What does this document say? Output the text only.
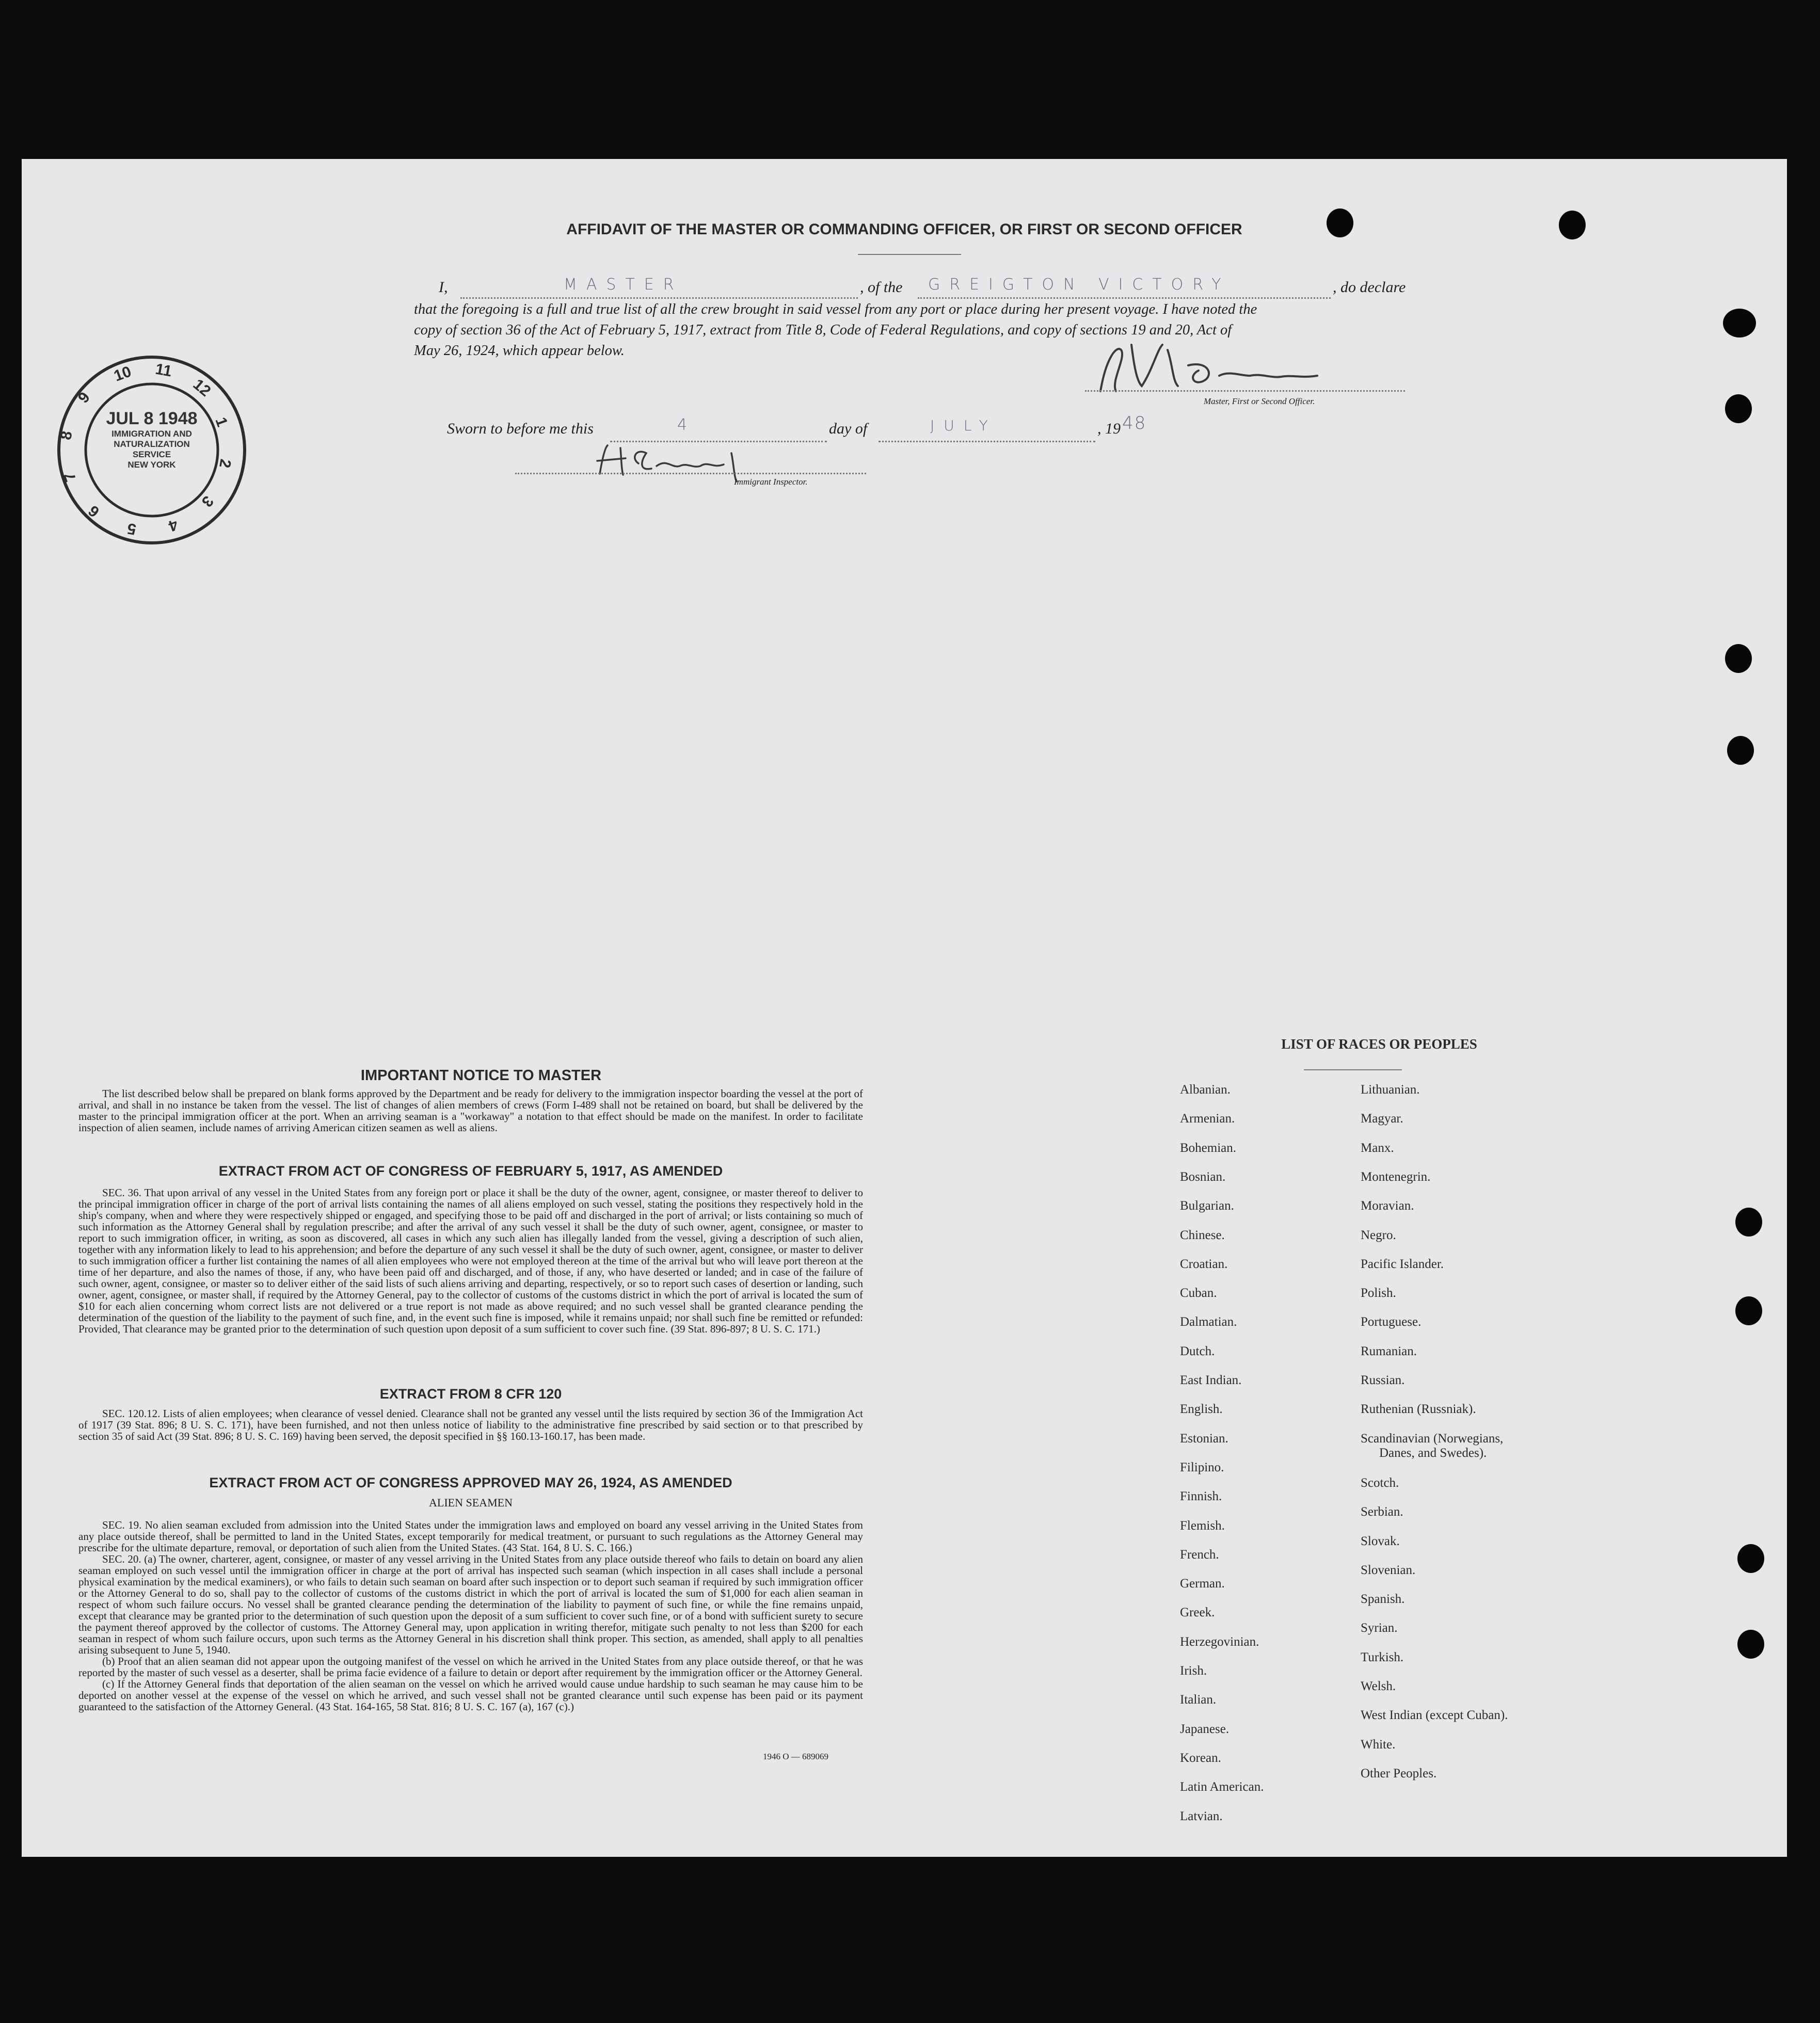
AFFIDAVIT OF THE MASTER OR COMMANDING OFFICER, OR FIRST OR SECOND OFFICER
I,	MASTER	, of the GREIGTON VICTORY	, do declare
that the foregoing is a full and true list of all the crew brought in said vessel from any port or place during her present voyage. I have noted the
copy of section 36 of the Act of February 5, 1917, extract from Title 8, Code of Federal Regulations, and copy of sections 19 and 20, Act of
May 26, 1924, which appear below.
Master, First or Second Officer.
Sworn to before me this	4	day of	JULY	, 19 48
Immigrant Inspector.
10 11
12
1
2
3
4
5
6
7
8
9
JUL 8 1948
IMMIGRATION AND
NATURALIZATION
SERVICE
NEW YORK
IMPORTANT NOTICE TO MASTER
The list described below shall be prepared on blank forms approved by the Department and be ready for delivery to the immigration inspector boarding the vessel at the port of arrival, and shall in no instance be taken from the vessel. The list of changes of alien members of crews (Form I-489 shall not be retained on board, but shall be delivered by the master to the principal immigration officer at the port. When an arriving seaman is a "workaway" a notation to that effect should be made on the manifest. In order to facilitate inspection of alien seamen, include names of arriving American citizen seamen as well as aliens.
EXTRACT FROM ACT OF CONGRESS OF FEBRUARY 5, 1917, AS AMENDED
SEC. 36. That upon arrival of any vessel in the United States from any foreign port or place it shall be the duty of the owner, agent, consignee, or master thereof to deliver to the principal immigration officer in charge of the port of arrival lists containing the names of all aliens employed on such vessel, stating the positions they respectively hold in the ship's company, when and where they were respectively shipped or engaged, and specifying those to be paid off and discharged in the port of arrival; or lists containing so much of such information as the Attorney General shall by regulation prescribe; and after the arrival of any such vessel it shall be the duty of such owner, agent, consignee, or master to report to such immigration officer, in writing, as soon as discovered, all cases in which any such alien has illegally landed from the vessel, giving a description of such alien, together with any information likely to lead to his apprehension; and before the departure of any such vessel it shall be the duty of such owner, agent, consignee, or master to deliver to such immigration officer a further list containing the names of all alien employees who were not employed thereon at the time of the arrival but who will leave port thereon at the time of her departure, and also the names of those, if any, who have been paid off and discharged, and of those, if any, who have deserted or landed; and in case of the failure of such owner, agent, consignee, or master so to deliver either of the said lists of such aliens arriving and departing, respectively, or so to report such cases of desertion or landing, such owner, agent, consignee, or master shall, if required by the Attorney General, pay to the collector of customs of the customs district in which the port of arrival is located the sum of $10 for each alien concerning whom correct lists are not delivered or a true report is not made as above required; and no such vessel shall be granted clearance pending the determination of the question of the liability to the payment of such fine, and, in the event such fine is imposed, while it remains unpaid; nor shall such fine be remitted or refunded: Provided, That clearance may be granted prior to the determination of such question upon deposit of a sum sufficient to cover such fine. (39 Stat. 896-897; 8 U. S. C. 171.)
EXTRACT FROM 8 CFR 120
SEC. 120.12. Lists of alien employees; when clearance of vessel denied. Clearance shall not be granted any vessel until the lists required by section 36 of the Immigration Act of 1917 (39 Stat. 896; 8 U. S. C. 171), have been furnished, and not then unless notice of liability to the administrative fine prescribed by said section or to that prescribed by section 35 of said Act (39 Stat. 896; 8 U. S. C. 169) having been served, the deposit specified in §§ 160.13-160.17, has been made.
EXTRACT FROM ACT OF CONGRESS APPROVED MAY 26, 1924, AS AMENDED
ALIEN SEAMEN
SEC. 19. No alien seaman excluded from admission into the United States under the immigration laws and employed on board any vessel arriving in the United States from any place outside thereof, shall be permitted to land in the United States, except temporarily for medical treatment, or pursuant to such regulations as the Attorney General may prescribe for the ultimate departure, removal, or deportation of such alien from the United States. (43 Stat. 164, 8 U. S. C. 166.)
SEC. 20. (a) The owner, charterer, agent, consignee, or master of any vessel arriving in the United States from any place outside thereof who fails to detain on board any alien seaman employed on such vessel until the immigration officer in charge at the port of arrival has inspected such seaman (which inspection in all cases shall include a personal physical examination by the medical examiners), or who fails to detain such seaman on board after such inspection or to deport such seaman if required by such immigration officer or the Attorney General to do so, shall pay to the collector of customs of the customs district in which the port of arrival is located the sum of $1,000 for each alien seaman in respect of whom such failure occurs. No vessel shall be granted clearance pending the determination of the liability to payment of such fine, or while the fine remains unpaid, except that clearance may be granted prior to the determination of such question upon the deposit of a sum sufficient to cover such fine, or of a bond with sufficient surety to secure the payment thereof approved by the collector of customs. The Attorney General may, upon application in writing therefor, mitigate such penalty to not less than $200 for each seaman in respect of whom such failure occurs, upon such terms as the Attorney General in his discretion shall think proper. This section, as amended, shall apply to all penalties arising subsequent to June 5, 1940.
(b) Proof that an alien seaman did not appear upon the outgoing manifest of the vessel on which he arrived in the United States from any place outside thereof, or that he was reported by the master of such vessel as a deserter, shall be prima facie evidence of a failure to detain or deport after requirement by the immigration officer or the Attorney General.
(c) If the Attorney General finds that deportation of the alien seaman on the vessel on which he arrived would cause undue hardship to such seaman he may cause him to be deported on another vessel at the expense of the vessel on which he arrived, and such vessel shall not be granted clearance until such expense has been paid or its payment guaranteed to the satisfaction of the Attorney General. (43 Stat. 164-165, 58 Stat. 816; 8 U. S. C. 167 (a), 167 (c).)
1946 O — 689069
LIST OF RACES OR PEOPLES
Albanian.
Armenian.
Bohemian.
Bosnian.
Bulgarian.
Chinese.
Croatian.
Cuban.
Dalmatian.
Dutch.
East Indian.
English.
Estonian.
Filipino.
Finnish.
Flemish.
French.
German.
Greek.
Herzegovinian.
Irish.
Italian.
Japanese.
Korean.
Latin American.
Latvian.
Lithuanian.
Magyar.
Manx.
Montenegrin.
Moravian.
Negro.
Pacific Islander.
Polish.
Portuguese.
Rumanian.
Russian.
Ruthenian (Russniak).
Scandinavian (Norwegians,
Danes, and Swedes).
Scotch.
Serbian.
Slovak.
Slovenian.
Spanish.
Syrian.
Turkish.
Welsh.
West Indian (except Cuban).
White.
Other Peoples.
